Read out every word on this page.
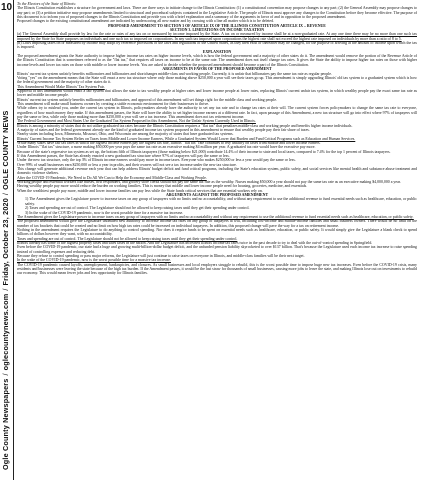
10
Ogle County Newspapers/oglecountynews.com/Friday, October 23, 2020/OGLE COUNTY NEWS

To the Electors of the State of Illinois:

The Illinois Constitution establishes a structure for government and laws. There are three ways to initiate change to the Illinois Constitution: (1) a constitutional convention may propose changes to any part; (2) the General Assembly may propose changes to any part; or (3) a petition initiative may propose amendments limited to structural and procedural subjects contained in the Legislative Article. The people of Illinois must approve any changes to the Constitution before they become effective. The purpose of this document is to inform you of proposed changes to the Illinois Constitution and provide you with a brief explanation and a summary of the arguments in favor of and in opposition to the proposed amendment.

Proposed changes to the existing constitutional amendment are indicated by underscoring all new matter and by crossing with a line all matter which is to be deleted.

PROPOSED AMENDMENT TO SECTION 3 OF ARTICLE IX OF THE ILLINOIS CONSTITUTION ARTICLE IX – REVENUE

SECTION 3. LIMITATIONS ON INCOME TAXATION

(a) The General Assembly shall provide by law for the rate or rates of any tax on or measured by income imposed by the State. A tax on or measured by income shall be at a non-graduated rate. At any one time there may be no more than one such tax imposed by the State for State purposes on individuals and one such tax so imposed on corporations. In any such tax imposed upon corporations the highest rate shall not exceed the highest rate imposed on individuals by more than a ratio of 8 to 5.

(b) Laws imposing taxes on or measured by income may adopt by reference provisions of the laws and regulations of the United States, as they then exist or thereafter may be changed, for the purpose of arriving at the amount of income upon which the tax is imposed.

EXPLANATION

The proposed amendment grants the State authority to impose higher income tax rates on higher income levels, which is how the federal government and a majority of other states do it. The amendment would remove the portion of the Revenue Article of the Illinois Constitution that is sometimes referred to as the "flat tax," that requires all taxes on income to be at the same rate. The amendment does not itself change tax rates. It gives the State the ability to impose higher tax rates on those with higher income levels and lower tax rates on those with middle or lower income levels. You are asked to decide whether the proposed amendment should become a part of the Illinois Constitution.

ARGUMENTS IN FAVOR OF THE PROPOSED AMENDMENT

Illinois' current tax system unfairly benefits millionaires and billionaires and shortchanges middle-class and working people. Currently, it is unfair that billionaires pay the same tax rate as regular people.

Voting "yes" on the amendment means that the State will enact a new tax structure where only those making above $250,000 a year will see their taxes go up. This amendment is simply upgrading Illinois' old tax system to a graduated system which is how the federal government and the majority of other states do it.

This Amendment Would Make Illinois' Tax System Fair.

Approval of this amendment would enact a fair system that allows the state to tax wealthy people at higher rates and lower income people at lower rates, replacing Illinois' current unfair tax system, in which wealthy people pay the exact same tax rate as lower and middle income people.

Illinois' current tax system unfairly benefits millionaires and billionaires, and approval of this amendment will set things right for the middle class and working people.

This amendment will make small business owners by creating a stable economic environment for their businesses to thrive.

While others try to mislead you, under the current tax system in Illinois, policymakers already have the authority to set any tax rate and to change tax rates at their will. The current system forces policymakers to change the same tax rate to everyone, regardless of how much money they make. If this amendment passes, the State will have the ability to set higher income earners at a different rate. In fact, upon passage of this Amendment, a new tax structure will go into effect where 97% of taxpayers will pay the same or less, while only those making more than $250,000 a year will see a tax increase. This amendment does not tax retirement income.

The Federal Government and Most States Use the Graduated Tax System Proposed in this Amendment, Not the Unfair System Currently Used in Illinois.

Illinois is among a minority of states that do not utilize graduated tax rates because the Illinois Constitution requires a "flat tax" that penalizes middle-class and working people and benefits higher income individuals.

A majority of states and the federal government already use the kind of graduated income tax system proposed in this amendment to ensure that wealthy people pay their fair share of taxes.

Nearby states including Iowa, Minnesota, Missouri, Ohio, and Wisconsin are among the majority of states that have graduated tax systems.

Illinois' Current Income Tax System Relies on Taxes from Middle and Lower Income Earners, While a Graduated System Would Lower that Burden and Fund Critical Programs such as Education and Human Services.

While many states have fair tax rates in which the highest income earners pay the highest tax rate, Illinois' "flat tax" rate continues to rely unfairly on taxes from middle and lower income earners.

Under Illinois' "flat tax" structure, a nurse making $50,000 per year pays the same tax rate as an executive making $4 million per year. A graduated tax rate would have the executive pay more.

Because of the state's regressive tax system as set up, the bottom fifth of Illinois taxpayers (those making below $21,000) contribute 14.4% of their income to state and local taxes, compared to 7.4% for the top 1 percent of Illinois taxpayers.

If this Amendment passes, the State has already enacted a new graduated tax structure where 97% of taxpayers will pay the same or less.

Under the new tax structure, only the top 3% of Illinois income earners would pay more in income taxes. Everyone who makes $250,000 or less a year would pay the same or less.

Over 99% of small businesses earn $250,000 or less a year in profits, and their owners will not see a tax increase under the new tax structure.

This change will generate additional revenue each year that can help address Illinois' budget deficit and fund critical programs, including the State's education system, public safety, and social services like mental health and substance abuse treatment and domestic violence shelters.

After the COVID-19 Pandemic, We Need to Do All We Can to Help the Economy and Middle-Class and Working People.

Working people and essential workers like nurses, first responders, and grocery store clerks should not pay the same tax rate as the wealthy. Nurses making $50,000 a year should not pay the same tax rate as an executive making $4,000,000 a year.

Having wealthy people pay more would reduce the burden on working families. This is money that middle and lower income people need for housing, groceries, medicine, and essentials.

When the wealthiest people pay more, middle and lower income families can pay less while the State funds critical services that are essential workers rely on.

ARGUMENTS AGAINST THE PROPOSED AMENDMENT

1) The Amendment gives the Legislature power to increase taxes on any group of taxpayers with no limits and no accountability, and without any requirement to use the additional revenue to fund essential needs such as healthcare, education, or public safety.

2) Taxes and spending are out of control. The Legislature should not be allowed to keep raising taxes until they get their spending under control.

3) In the wake of the COVID-19 pandemic, now is the worst possible time for a massive tax increase.

The Amendment gives the Legislature power to increase taxes on any group of taxpayers with no limits and no accountability and without any requirement to use the additional revenue to fund essential needs such as healthcare, education, or public safety.

The proposed amendment would give the Legislature unlimited new authority to increase income tax rates on any group of taxpayers at will, including low-income and middle-income families and small business owners. There would be no limit on the number of tax brackets that could be created and no limit on how high tax rates could be increased on individual taxpayers. In addition, this proposed change will pave the way for a tax on retirement income.

Nothing in the amendment requires the Legislature to do anything to control spending. Nor does it require funds to be spent on essential needs such as healthcare, education, or public safety. It would simply give the Legislature a blank check to spend billions of dollars however they want, with no accountability.

Taxes and spending are out of control. The Legislature should not be allowed to keep raising taxes until they get their spending under control.

Illinois already has some of the highest property taxes and sales taxes in the nation. And the Legislature has increased Illinois income tax rates twice in the past decade to try to deal with the out-of-control spending in Springfield.

Even before the COVID-19 pandemic, our state had a huge and growing multi-billion-dollar budget deficit, and the unfunded pension liability skyrocketed to over $137 billion. That's because the Legislature used each income tax increase to raise spending instead of controlling expenses and reducing debt.

Because they refuse to control spending or pass major reforms, the Legislature will just continue to raise taxes on everyone in Illinois, and middle-class families will be their next target.

In the wake of the COVID-19 pandemic, now is the worst possible time for a massive tax increase.

The COVID-19 pandemic caused layoffs, unemployment, bankruptcies, and closures. As small businesses and local employers struggle to rebuild, this is the worst possible time to impose huge new tax increases. Even before the COVID-19 crisis, many residents and businesses were leaving the state because of the high tax burden. If the Amendment passes, it would be the last straw for thousands of small businesses, causing more jobs to leave the state, and making Illinois lose out on investments to rebuild our economy. This would mean fewer jobs and less opportunity for Illinois families.
